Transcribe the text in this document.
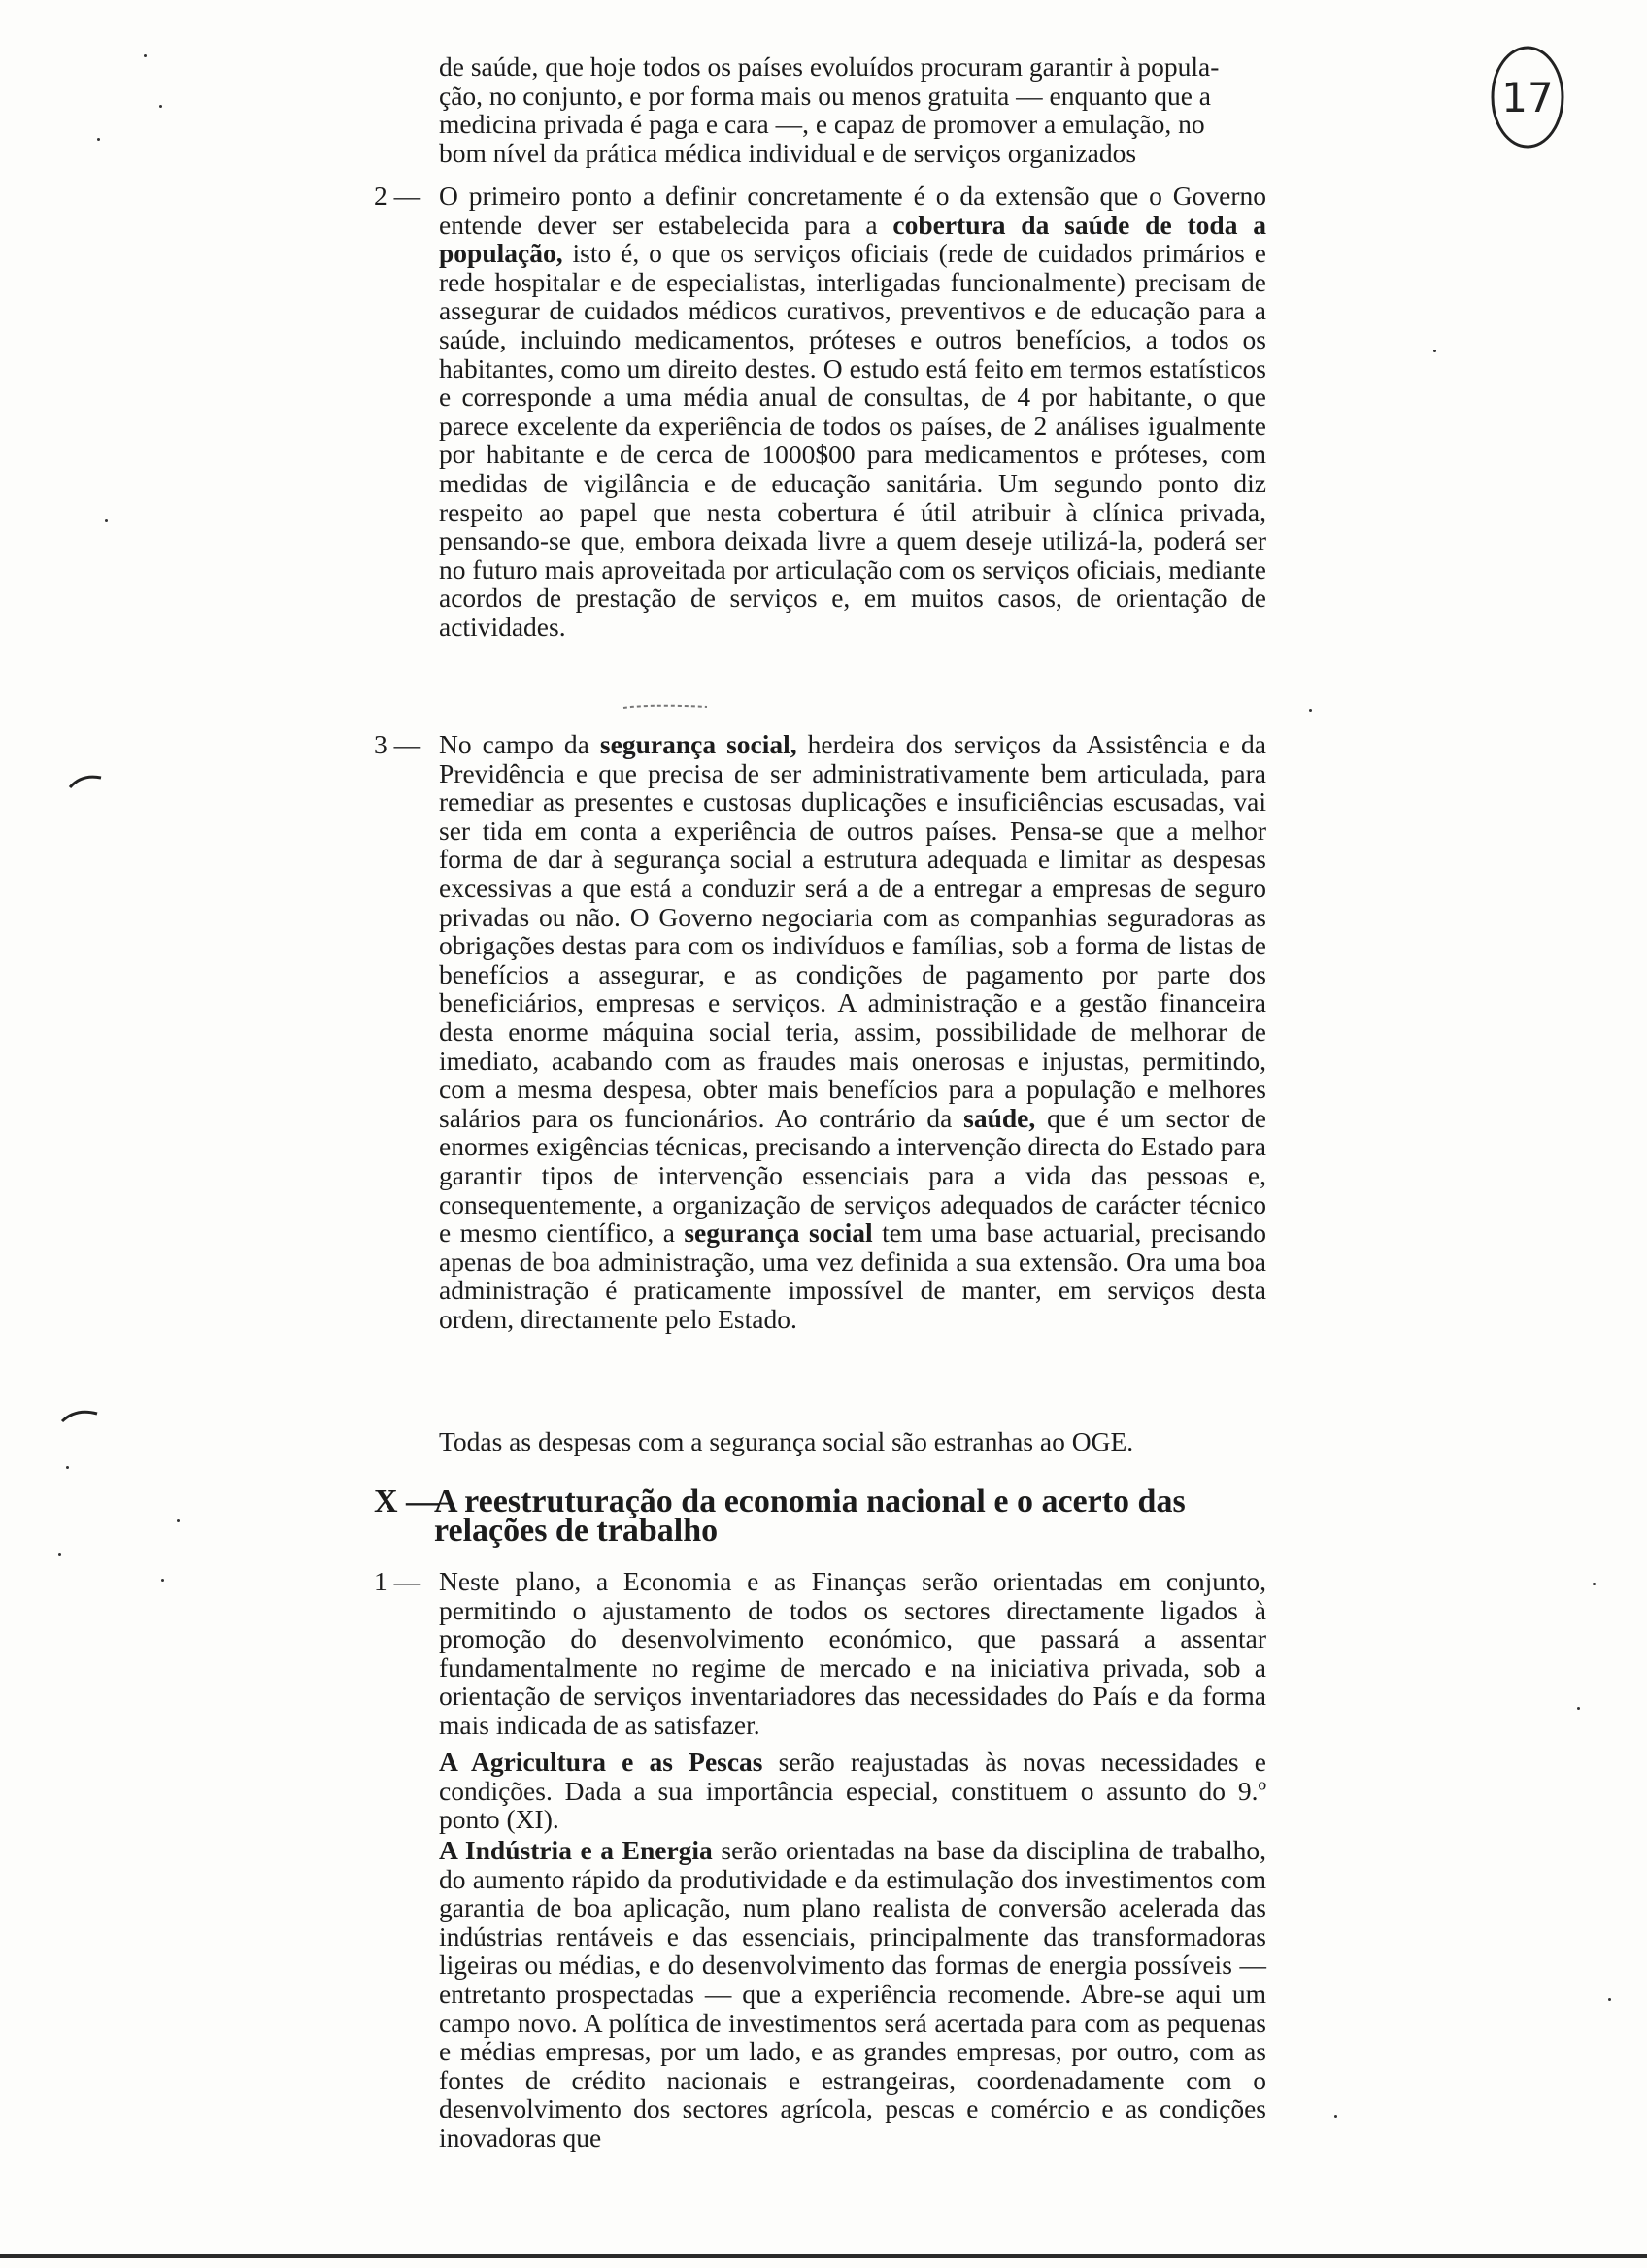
17

de saúde, que hoje todos os países evoluídos procuram garantir à popula-

ção, no conjunto, e por forma mais ou menos gratuita — enquanto que a

medicina privada é paga e cara —, e capaz de promover a emulação, no

bom nível da prática médica individual e de serviços organizados

2 — O primeiro ponto a definir concretamente é o da extensão que o Governo entende dever ser estabelecida para a cobertura da saúde de toda a população, isto é, o que os serviços oficiais (rede de cuidados primários e rede hospitalar e de especialistas, interligadas funcionalmente) precisam de assegurar de cuidados médicos curativos, preventivos e de educação para a saúde, incluindo medicamentos, próteses e outros benefícios, a todos os habitantes, como um direito destes. O estudo está feito em termos estatísticos e corresponde a uma média anual de consultas, de 4 por habitante, o que parece excelente da experiência de todos os países, de 2 análises igualmente por habitante e de cerca de 1000$00 para medicamentos e próteses, com medidas de vigilância e de educação sanitária. Um segundo ponto diz respeito ao papel que nesta cobertura é útil atribuir à clínica privada, pensando-se que, embora deixada livre a quem deseje utilizá-la, poderá ser no futuro mais aproveitada por articulação com os serviços oficiais, mediante acordos de prestação de serviços e, em muitos casos, de orientação de actividades.

3 — No campo da segurança social, herdeira dos serviços da Assistência e da Previdência e que precisa de ser administrativamente bem articulada, para remediar as presentes e custosas duplicações e insuficiências escusadas, vai ser tida em conta a experiência de outros países. Pensa-se que a melhor forma de dar à segurança social a estrutura adequada e limitar as despesas excessivas a que está a conduzir será a de a entregar a empresas de seguro privadas ou não. O Governo negociaria com as companhias seguradoras as obrigações destas para com os indivíduos e famílias, sob a forma de listas de benefícios a assegurar, e as condições de pagamento por parte dos beneficiários, empresas e serviços. A administração e a gestão financeira desta enorme máquina social teria, assim, possibilidade de melhorar de imediato, acabando com as fraudes mais onerosas e injustas, permitindo, com a mesma despesa, obter mais benefícios para a população e melhores salários para os funcionários. Ao contrário da saúde, que é um sector de enormes exigências técnicas, precisando a intervenção directa do Estado para garantir tipos de intervenção essenciais para a vida das pessoas e, consequentemente, a organização de serviços adequados de carácter técnico e mesmo científico, a segurança social tem uma base actuarial, precisando apenas de boa administração, uma vez definida a sua extensão. Ora uma boa administração é praticamente impossível de manter, em serviços desta ordem, directamente pelo Estado.

Todas as despesas com a segurança social são estranhas ao OGE.

X —A reestruturação da economia nacional e o acerto das
relações de trabalho
1 — Neste plano, a Economia e as Finanças serão orientadas em conjunto, permitindo o ajustamento de todos os sectores directamente ligados à promoção do desenvolvimento económico, que passará a assentar fundamentalmente no regime de mercado e na iniciativa privada, sob a orientação de serviços inventariadores das necessidades do País e da forma mais indicada de as satisfazer.

A Agricultura e as Pescas serão reajustadas às novas necessidades e condições. Dada a sua importância especial, constituem o assunto do 9.º ponto (XI).

A Indústria e a Energia serão orientadas na base da disciplina de trabalho, do aumento rápido da produtividade e da estimulação dos investimentos com garantia de boa aplicação, num plano realista de conversão acelerada das indústrias rentáveis e das essenciais, principalmente das transformadoras ligeiras ou médias, e do desenvolvimento das formas de energia possíveis — entretanto prospectadas — que a experiência recomende. Abre-se aqui um campo novo. A política de investimentos será acertada para com as pequenas e médias empresas, por um lado, e as grandes empresas, por outro, com as fontes de crédito nacionais e estrangeiras, coordenadamente com o desenvolvimento dos sectores agrícola, pescas e comércio e as condições inovadoras que
